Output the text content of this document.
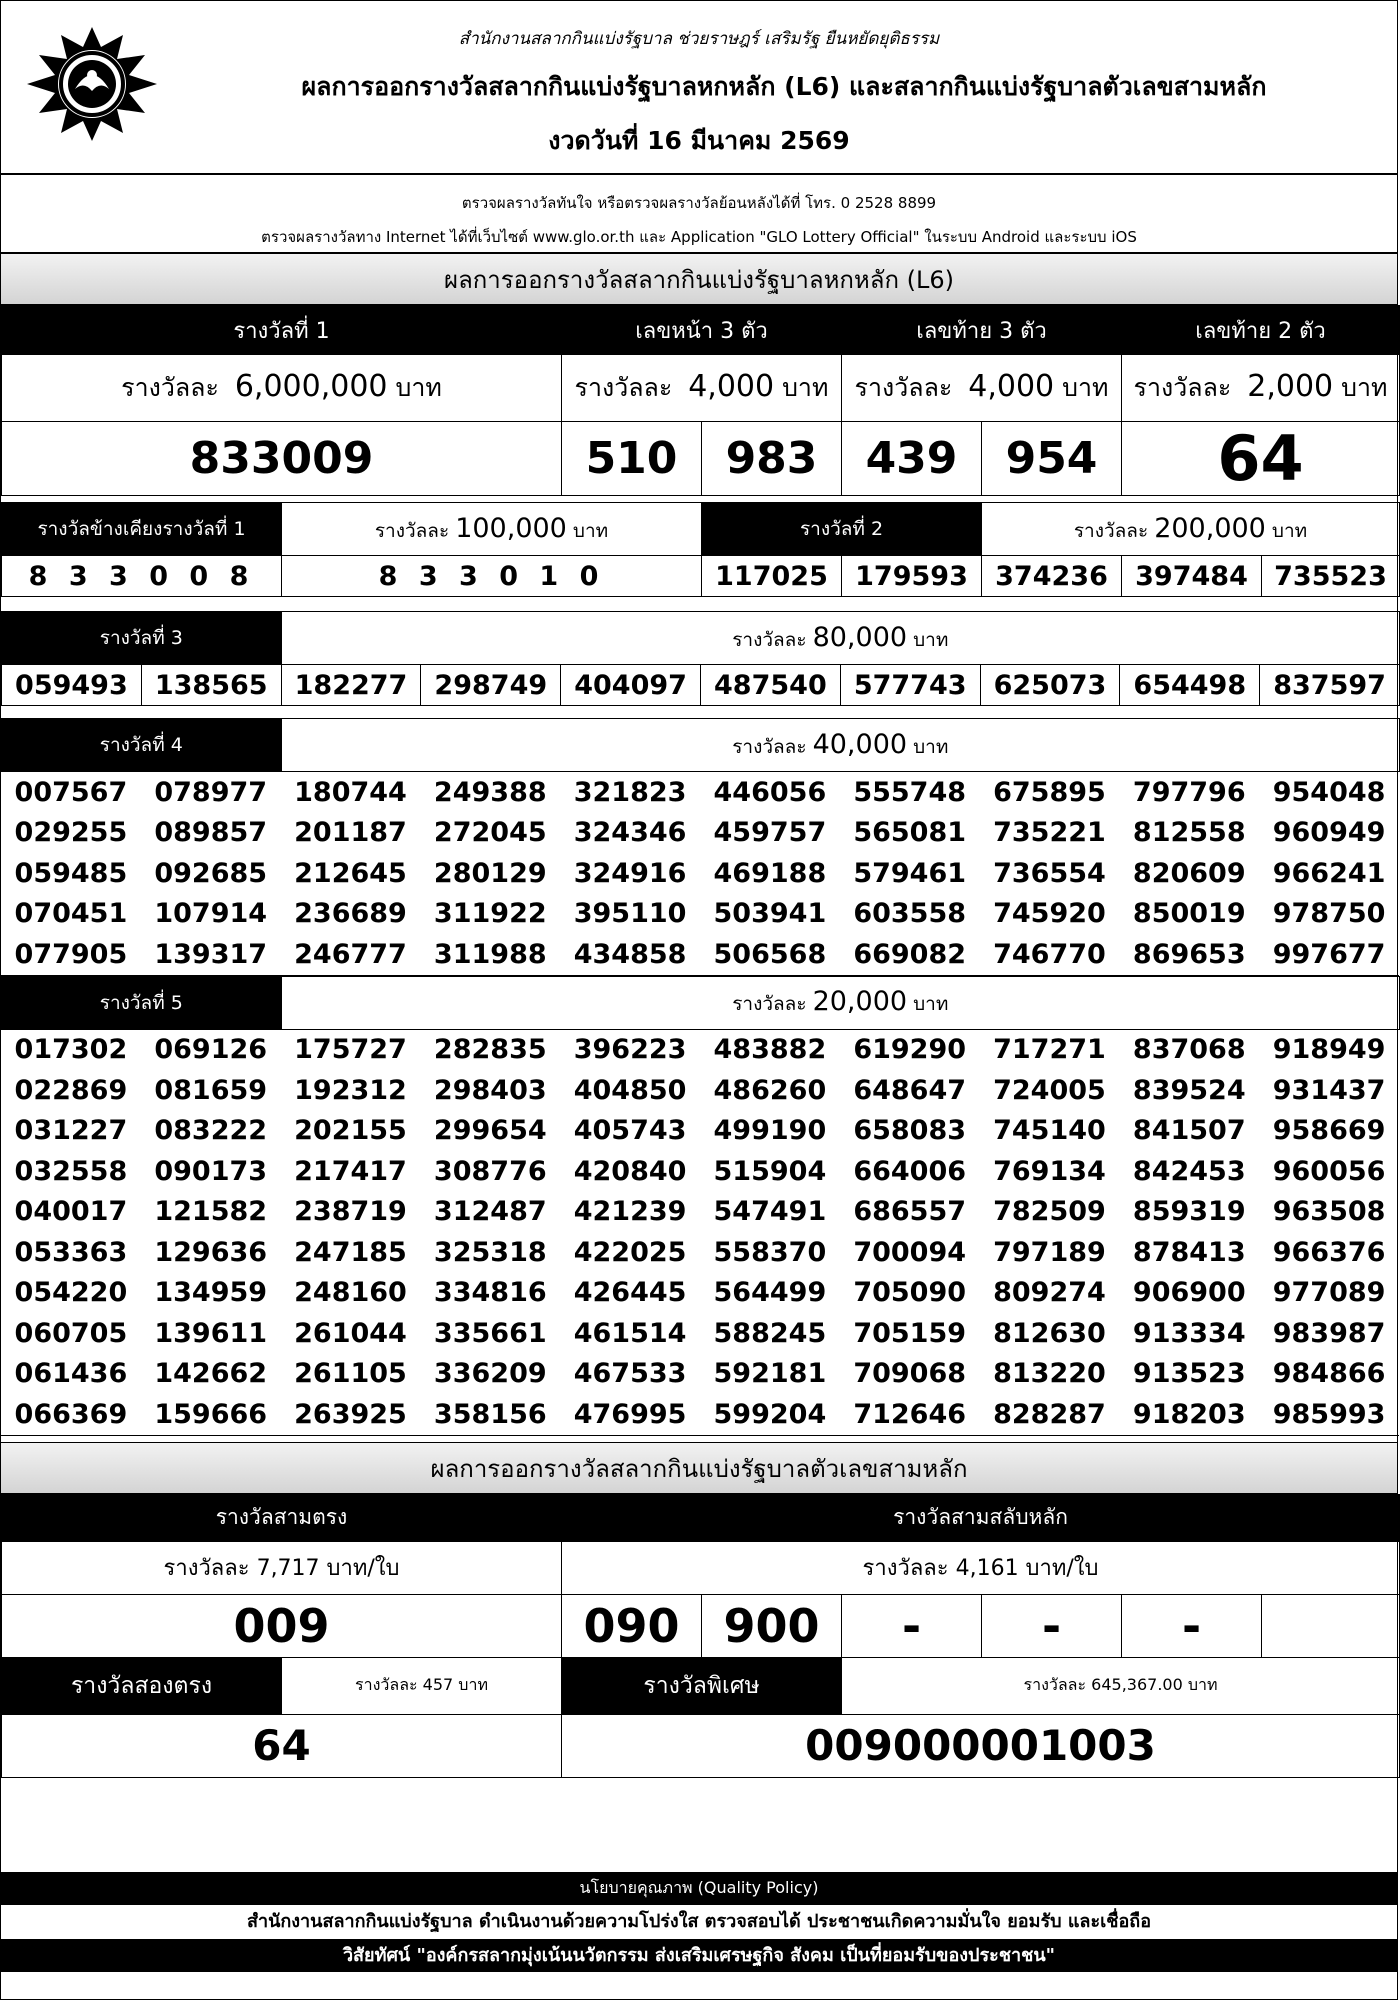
สำนักงานสลากกินแบ่งรัฐบาล ช่วยราษฎร์ เสริมรัฐ ยืนหยัดยุติธรรม
ผลการออกรางวัลสลากกินแบ่งรัฐบาลหกหลัก (L6) และสลากกินแบ่งรัฐบาลตัวเลขสามหลัก
งวดวันที่ 16 มีนาคม 2569
ตรวจผลรางวัลทันใจ หรือตรวจผลรางวัลย้อนหลังได้ที่ โทร. 0 2528 8899
ตรวจผลรางวัลทาง Internet ได้ที่เว็บไซต์ www.glo.or.th และ Application "GLO Lottery Official" ในระบบ Android และระบบ iOS
ผลการออกรางวัลสลากกินแบ่งรัฐบาลหกหลัก (L6)
รางวัลที่ 1	เลขหน้า 3 ตัว		เลขท้าย 3 ตัว		เลขท้าย 2 ตัว
รางวัลละ 6,000,000 บาท	รางวัลละ 4,000 บาท		รางวัลละ 4,000 บาท		รางวัลละ 2,000 บาท
833009	510	983	439	954	64
รางวัลข้างเคียงรางวัลที่ 1	รางวัลละ 100,000 บาท	รางวัลที่ 2		รางวัลละ 200,000 บาท		
8 3 3 0 0 8	8 3 3 0 1 0	117025	179593	374236	397484	735523
รางวัลที่ 3		รางวัลละ 80,000 บาท							
059493	138565	182277	298749	404097	487540	577743	625073	654498	837597
รางวัลที่ 4	รางวัลละ 40,000 บาท
007567	078977	180744	249388	321823	446056	555748	675895	797796	954048
029255	089857	201187	272045	324346	459757	565081	735221	812558	960949
059485	092685	212645	280129	324916	469188	579461	736554	820609	966241
070451	107914	236689	311922	395110	503941	603558	745920	850019	978750
077905	139317	246777	311988	434858	506568	669082	746770	869653	997677
รางวัลที่ 5	รางวัลละ 20,000 บาท
017302	069126	175727	282835	396223	483882	619290	717271	837068	918949
022869	081659	192312	298403	404850	486260	648647	724005	839524	931437
031227	083222	202155	299654	405743	499190	658083	745140	841507	958669
032558	090173	217417	308776	420840	515904	664006	769134	842453	960056
040017	121582	238719	312487	421239	547491	686557	782509	859319	963508
053363	129636	247185	325318	422025	558370	700094	797189	878413	966376
054220	134959	248160	334816	426445	564499	705090	809274	906900	977089
060705	139611	261044	335661	461514	588245	705159	812630	913334	983987
061436	142662	261105	336209	467533	592181	709068	813220	913523	984866
066369	159666	263925	358156	476995	599204	712646	828287	918203	985993
ผลการออกรางวัลสลากกินแบ่งรัฐบาลตัวเลขสามหลัก
รางวัลสามตรง		รางวัลสามสลับหลัก					
รางวัลละ 7,717 บาท/ใบ		รางวัลละ 4,161 บาท/ใบ					
009		090	900	-	-	-	
รางวัลสองตรง	รางวัลละ 457 บาท	รางวัลพิเศษ		รางวัลละ 645,367.00 บาท			
64		009000001003					
นโยบายคุณภาพ (Quality Policy)
สำนักงานสลากกินแบ่งรัฐบาล ดำเนินงานด้วยความโปร่งใส ตรวจสอบได้ ประชาชนเกิดความมั่นใจ ยอมรับ และเชื่อถือ
วิสัยทัศน์ "องค์กรสลากมุ่งเน้นนวัตกรรม ส่งเสริมเศรษฐกิจ สังคม เป็นที่ยอมรับของประชาชน"
